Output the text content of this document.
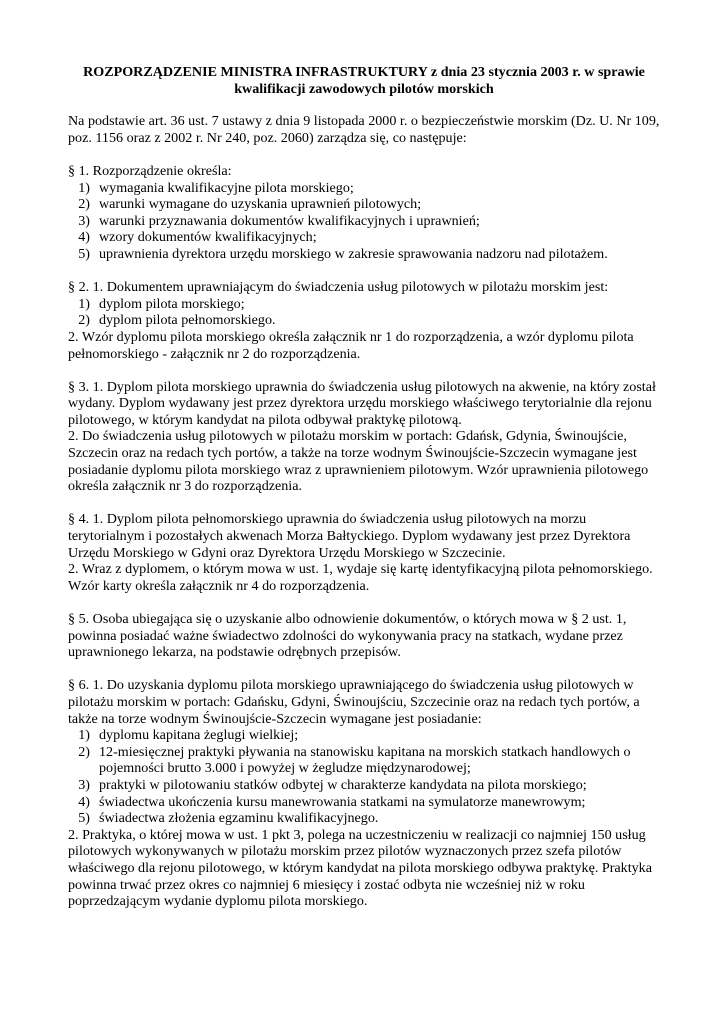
ROZPORZĄDZENIE MINISTRA INFRASTRUKTURY z dnia 23 stycznia 2003 r. w sprawie kwalifikacji zawodowych pilotów morskich

Na podstawie art. 36 ust. 7 ustawy z dnia 9 listopada 2000 r. o bezpieczeństwie morskim (Dz. U. Nr 109, poz. 1156 oraz z 2002 r. Nr 240, poz. 2060) zarządza się, co następuje:

§ 1. Rozporządzenie określa:

1) wymagania kwalifikacyjne pilota morskiego;
2) warunki wymagane do uzyskania uprawnień pilotowych;
3) warunki przyznawania dokumentów kwalifikacyjnych i uprawnień;
4) wzory dokumentów kwalifikacyjnych;
5) uprawnienia dyrektora urzędu morskiego w zakresie sprawowania nadzoru nad pilotażem.

§ 2. 1. Dokumentem uprawniającym do świadczenia usług pilotowych w pilotażu morskim jest:

1) dyplom pilota morskiego;
2) dyplom pilota pełnomorskiego.

2. Wzór dyplomu pilota morskiego określa załącznik nr 1 do rozporządzenia, a wzór dyplomu pilota pełnomorskiego - załącznik nr 2 do rozporządzenia.

§ 3. 1. Dyplom pilota morskiego uprawnia do świadczenia usług pilotowych na akwenie, na który został wydany. Dyplom wydawany jest przez dyrektora urzędu morskiego właściwego terytorialnie dla rejonu pilotowego, w którym kandydat na pilota odbywał praktykę pilotową.

2. Do świadczenia usług pilotowych w pilotażu morskim w portach: Gdańsk, Gdynia, Świnoujście, Szczecin oraz na redach tych portów, a także na torze wodnym Świnoujście-Szczecin wymagane jest posiadanie dyplomu pilota morskiego wraz z uprawnieniem pilotowym. Wzór uprawnienia pilotowego określa załącznik nr 3 do rozporządzenia.

§ 4. 1. Dyplom pilota pełnomorskiego uprawnia do świadczenia usług pilotowych na morzu terytorialnym i pozostałych akwenach Morza Bałtyckiego. Dyplom wydawany jest przez Dyrektora Urzędu Morskiego w Gdyni oraz Dyrektora Urzędu Morskiego w Szczecinie.

2. Wraz z dyplomem, o którym mowa w ust. 1, wydaje się kartę identyfikacyjną pilota pełnomorskiego. Wzór karty określa załącznik nr 4 do rozporządzenia.

§ 5. Osoba ubiegająca się o uzyskanie albo odnowienie dokumentów, o których mowa w § 2 ust. 1, powinna posiadać ważne świadectwo zdolności do wykonywania pracy na statkach, wydane przez uprawnionego lekarza, na podstawie odrębnych przepisów.

§ 6. 1. Do uzyskania dyplomu pilota morskiego uprawniającego do świadczenia usług pilotowych w pilotażu morskim w portach: Gdańsku, Gdyni, Świnoujściu, Szczecinie oraz na redach tych portów, a także na torze wodnym Świnoujście-Szczecin wymagane jest posiadanie:

1) dyplomu kapitana żeglugi wielkiej;
2) 12-miesięcznej praktyki pływania na stanowisku kapitana na morskich statkach handlowych o pojemności brutto 3.000 i powyżej w żegludze międzynarodowej;
3) praktyki w pilotowaniu statków odbytej w charakterze kandydata na pilota morskiego;
4) świadectwa ukończenia kursu manewrowania statkami na symulatorze manewrowym;
5) świadectwa złożenia egzaminu kwalifikacyjnego.

2. Praktyka, o której mowa w ust. 1 pkt 3, polega na uczestniczeniu w realizacji co najmniej 150 usług pilotowych wykonywanych w pilotażu morskim przez pilotów wyznaczonych przez szefa pilotów właściwego dla rejonu pilotowego, w którym kandydat na pilota morskiego odbywa praktykę. Praktyka powinna trwać przez okres co najmniej 6 miesięcy i zostać odbyta nie wcześniej niż w roku poprzedzającym wydanie dyplomu pilota morskiego.
